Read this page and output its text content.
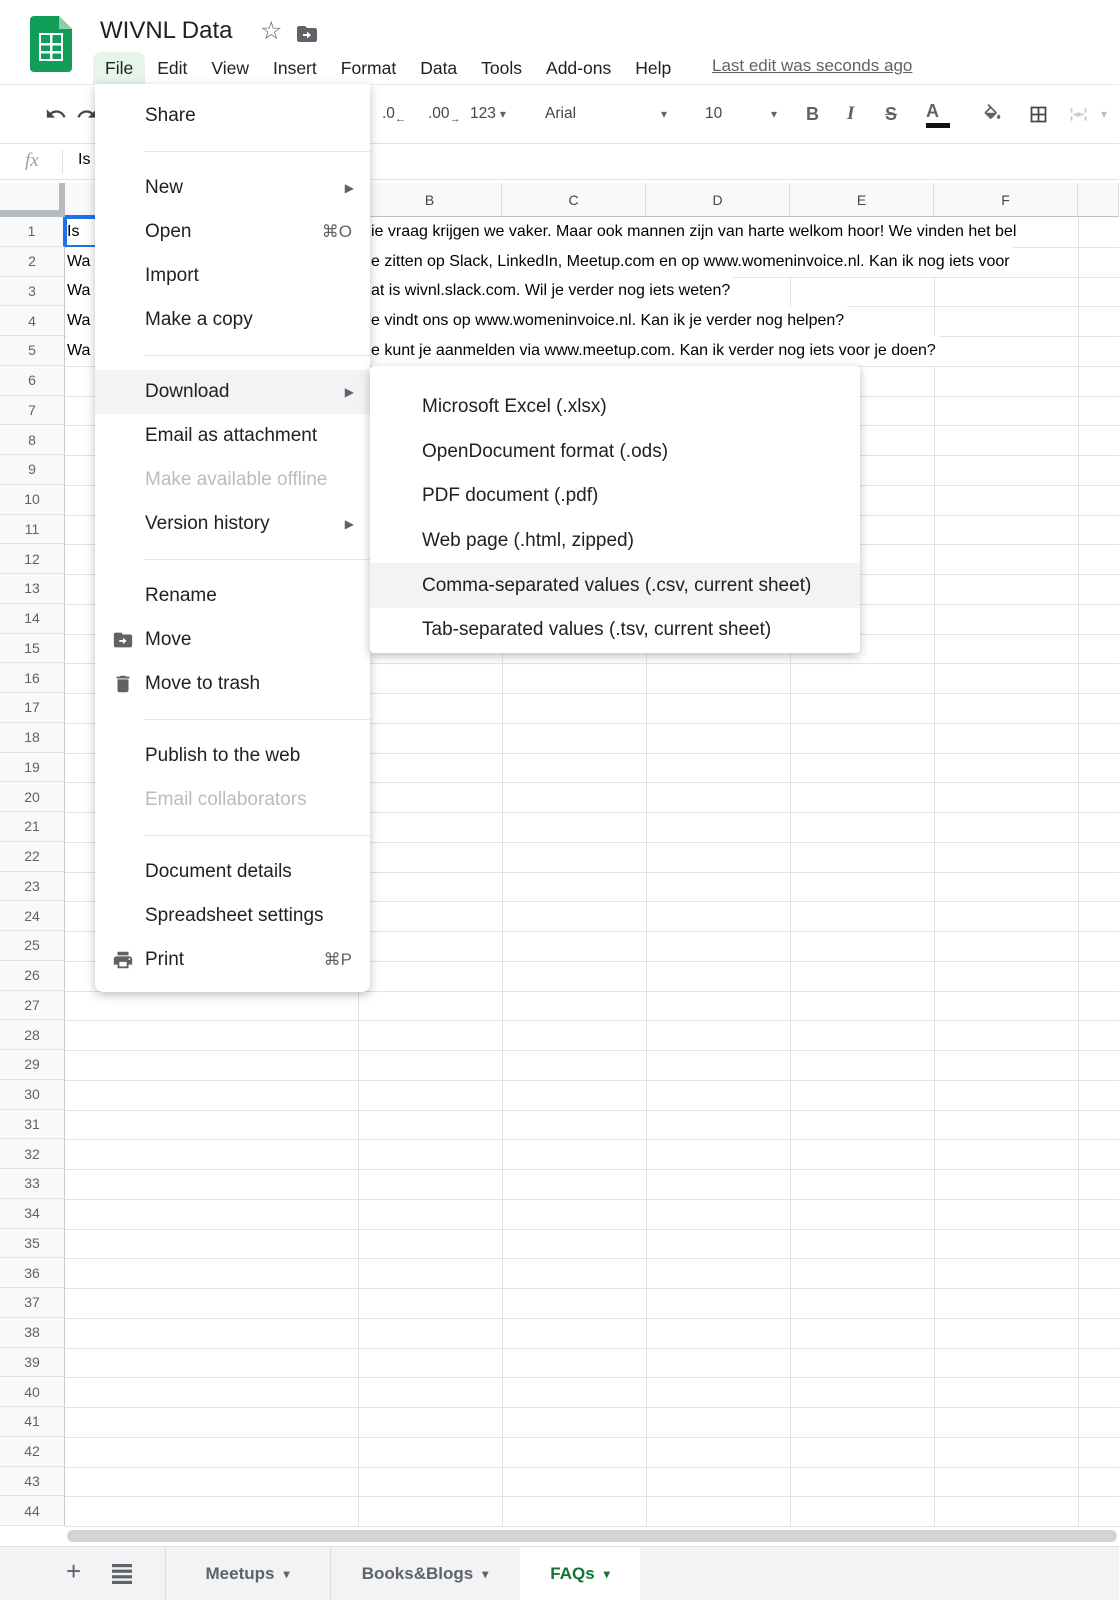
WIVNL Data ☆
File	Edit	View	Insert	Format	Data	Tools	Add-ons	Help	Last edit was seconds ago
.0 ← .00 → 123 ▾	Arial	▾ 10	▾ B I S A	▾
fx Is
B	C	D	E	F
1
2
3
4
5
6
7
8
9
10
11
12
13
14
15
16
17
18
19
20
21
22
23
24
25
26
27
28
29
30
31
32
33
34
35
36
37
38
39
40
41
42
43
44
Is	ie vraag krijgen we vaker. Maar ook mannen zijn van harte welkom hoor! We vinden het bel
Wa	e zitten op Slack, LinkedIn, Meetup.com en op www.womeninvoice.nl. Kan ik nog iets voor
Wa	at is wivnl.slack.com. Wil je verder nog iets weten?
Wa	e vindt ons op www.womeninvoice.nl. Kan ik je verder nog helpen?
Wa	e kunt je aanmelden via www.meetup.com. Kan ik verder nog iets voor je doen?
Share
New	▶
Open	⌘O
Import
Make a copy
Download	▶
Email as attachment
Make available offline
Version history	▶
Rename
Move
Move to trash
Publish to the web
Email collaborators
Document details
Spreadsheet settings
Print	⌘P
Microsoft Excel (.xlsx)
OpenDocument format (.ods)
PDF document (.pdf)
Web page (.html, zipped)
Comma-separated values (.csv, current sheet)
Tab-separated values (.tsv, current sheet)
+	Meetups ▾	Books&Blogs ▾	FAQs ▾
